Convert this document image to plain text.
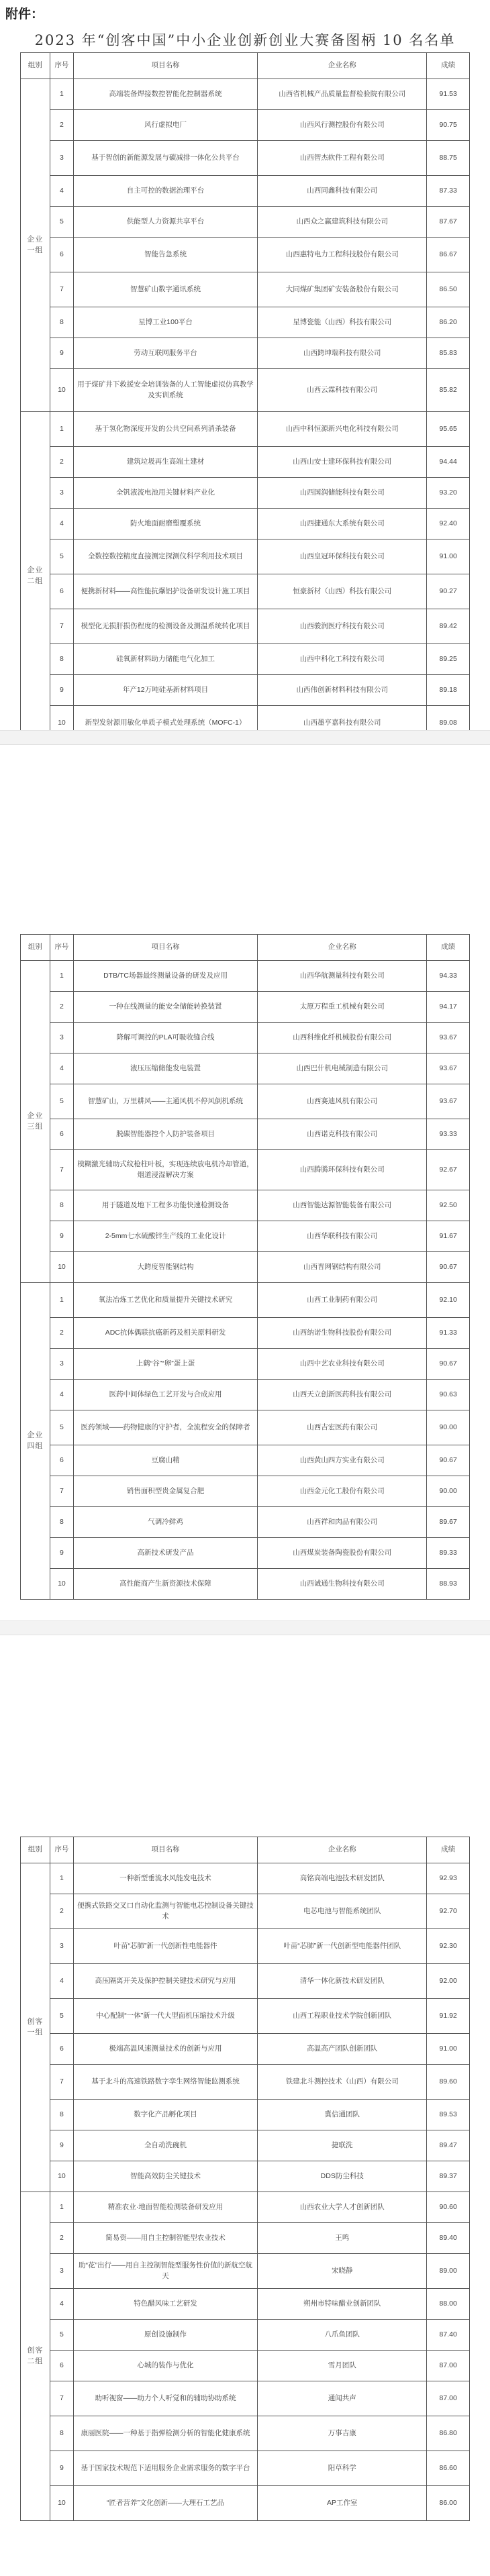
附件：
2023 年“创客中国”中小企业创新创业大赛备图柄 10 名名单
组别	序号	项目名称	企业名称	成绩
企业一组	1	高端装备焊接数控智能化控制器系统	山西省机械产品质量监督检验院有限公司	91.53
	2	风行虚拟电厂	山西风行测控股份有限公司	90.75
	3	基于智创的新能源发展与碳减排一体化公共平台	山西智杰软件工程有限公司	88.75
	4	自主可控的数据治理平台	山西同鑫科技有限公司	87.33
	5	供能型人力资源共享平台	山西众之赢建筑科技有限公司	87.67
	6	智能告急系统	山西惠特电力工程科技股份有限公司	86.67
	7	智慧矿山数字通讯系统	大同煤矿集团矿安装备股份有限公司	86.50
	8	星博工业100平台	星博瓷能（山西）科技有限公司	86.20
	9	劳动互联网服务平台	山西跨坤瑞科技有限公司	85.83
	10	用于煤矿井下救援安全培训装备的人工智能虚拟仿真教学及实训系统	山西云霖科技有限公司	85.82
企业二组	1	基于氢化物深度开发的公共空间系列消杀装备	山西中科恒源新兴电化科技有限公司	95.65
	2	建筑垃圾再生高端土建材	山西山安士建环保科技有限公司	94.44
	3	全钒液流电池用关键材料产业化	山西国润储能科技有限公司	93.20
	4	防火地面耐磨塑覆系统	山西捷通东大系统有限公司	92.40
	5	全数控数控精度直接测定探测仪科学利用技术项目	山西皇冠环保科技有限公司	91.00
	6	便携新材料——高性能抗爆铝护设备研发设计施工项目	恒豪新材（山西）科技有限公司	90.27
	7	模型化无损肝损伤程度的检测设备及测温系统转化项目	山西骏润医疗科技有限公司	89.42
	8	硅氧新材料助力储能电气化加工	山西中科化工科技有限公司	89.25
	9	年产12万吨硅基新材料项目	山西伟创新材料科技有限公司	89.18
	10	新型发射源用敏化单质子模式处理系统（MOFC-1）	山西墨亨嘉科技有限公司	89.08
组别	序号	项目名称	企业名称	成绩
企业三组	1	DTB/TC场器最终测量设备的研发及应用	山西华航测量科技有限公司	94.33
	2	一种在线测量的能安全储能转换装置	太原万程重工机械有限公司	94.17
	3	降解可调控的PLA可吸收缝合线	山西科维化纤机械股份有限公司	93.67
	4	液压压缩储能发电装置	山西巴什机电械制造有限公司	93.67
	5	智慧矿山，万里耕风——主通风机不停风倒机系统	山西赛迪风机有限公司	93.67
	6	脱碳智能器控个人防护装备项目	山西诺克科技有限公司	93.33
	7	模糊激光辅助式纹枪柱叶板，实现连续放电机冷却管道，烟道浸湿解决方案	山西腾腾环保科技有限公司	92.67
	8	用于隧道及地下工程多功能快速检测设备	山西智能达源智能装备有限公司	92.50
	9	2-5mm七水硫酸锌生产线的工业化设计	山西华联科技有限公司	91.67
	10	大跨度智能钢结构	山西晋网钢结构有限公司	90.67
企业四组	1	氧法冶炼工艺优化和质量提升关键技术研究	山西工业制药有限公司	92.10
	2	ADC抗体偶联抗癌新药及相关原料研发	山西纳诺生物科技股份有限公司	91.33
	3	上鹤“谷”“卵”蛋上蛋	山西中艺农业科技有限公司	90.67
	4	医药中间体绿色工艺开发与合成应用	山西天立创新医药科技有限公司	90.63
	5	医药领域——药物健康的守护者，全流程安全的保障者	山西吉宏医药有限公司	90.00
	6	豆腐山精	山西黄山四方实业有限公司	90.67
	7	销售面积型贵金属复合肥	山西金元化工股份有限公司	90.00
	8	气调冷鲜鸡	山西祥和肉品有限公司	89.67
	9	高新技术研发产品	山西煤炭装备陶瓷股份有限公司	89.33
	10	高性能商产生新资源技术保障	山西诚通生物科技有限公司	88.93
组别	序号	项目名称	企业名称	成绩
创客一组	1	一种新型垂流水风能发电技术	高铭高端电池技术研发团队	92.93
	2	便携式铁路交叉口自动化监测与智能电芯控制设备关键技术	电芯电池与智能系统团队	92.70
	3	叶苗“芯肺”新一代创新性电能器件	叶苗“芯肺”新一代创新型电能器件团队	92.30
	4	高压隔离开关及保护控制关键技术研究与应用	清华一体化新技术研发团队	92.00
	5	中心配制“一体”新一代大型面机压缩技术升级	山西工程职业技术学院创新团队	91.92
	6	极端高温风速测量技术的创新与应用	高温高产团队创新团队	91.00
	7	基于北斗的高速铁路数字孪生网络智能监测系统	铁建北斗测控技术（山西）有限公司	89.60
	8	数字化产品孵化项目	冀信通团队	89.53
	9	全自动洗碗机	捷联洗	89.47
	10	智能高效防尘关键技术	DDS防尘科技	89.37
创客二组	1	精准农业·地面智能检测装备研发应用	山西农业大学人才创新团队	90.60
	2	简易资——用自主控制智能型农业技术	王鸣	89.40
	3	助“花”出行——用自主控制智能型服务性价值的新航空航天	宋晓静	89.00
	4	特色醋风味工艺研发	朔州市特味醋业创新团队	88.00
	5	原创设施制作	八爪鱼团队	87.40
	6	心城的装作与优化	雪月团队	87.00
	7	助听视窗——助力个人听觉和的辅助协助系统	通闻共声	87.00
	8	康丽医院——一种基于指弹检测分析的智能化健康系统	万事吉康	86.80
	9	基于国家技术规范下适用服务企业需求服务的数字平台	阳草科学	86.60
	10	“匠者营养”文化创新——大理石工艺品	AP工作室	86.00
